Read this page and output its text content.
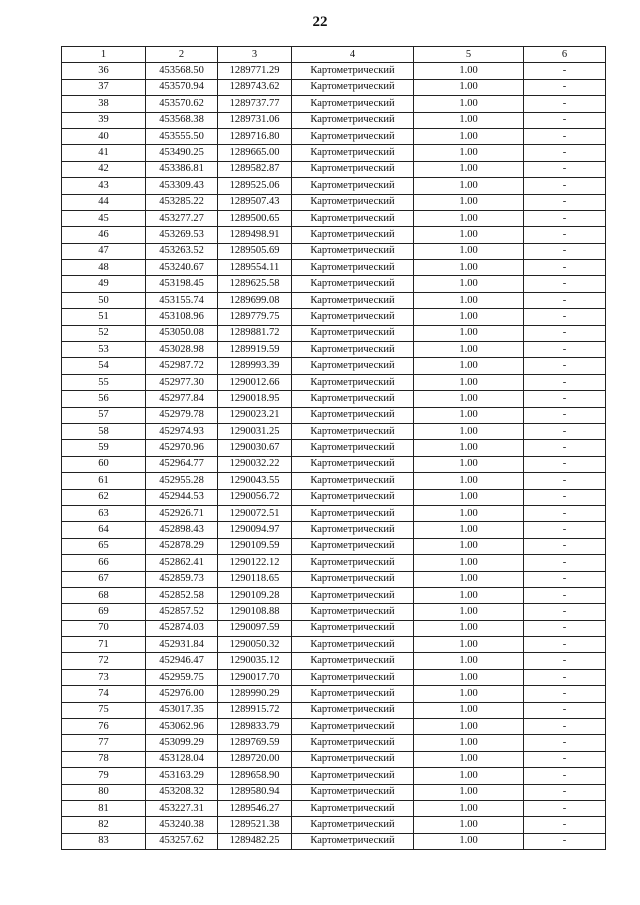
22
1	2	3	4	5	6
36	453568.50	1289771.29	Картометрический	1.00	-
37	453570.94	1289743.62	Картометрический	1.00	-
38	453570.62	1289737.77	Картометрический	1.00	-
39	453568.38	1289731.06	Картометрический	1.00	-
40	453555.50	1289716.80	Картометрический	1.00	-
41	453490.25	1289665.00	Картометрический	1.00	-
42	453386.81	1289582.87	Картометрический	1.00	-
43	453309.43	1289525.06	Картометрический	1.00	-
44	453285.22	1289507.43	Картометрический	1.00	-
45	453277.27	1289500.65	Картометрический	1.00	-
46	453269.53	1289498.91	Картометрический	1.00	-
47	453263.52	1289505.69	Картометрический	1.00	-
48	453240.67	1289554.11	Картометрический	1.00	-
49	453198.45	1289625.58	Картометрический	1.00	-
50	453155.74	1289699.08	Картометрический	1.00	-
51	453108.96	1289779.75	Картометрический	1.00	-
52	453050.08	1289881.72	Картометрический	1.00	-
53	453028.98	1289919.59	Картометрический	1.00	-
54	452987.72	1289993.39	Картометрический	1.00	-
55	452977.30	1290012.66	Картометрический	1.00	-
56	452977.84	1290018.95	Картометрический	1.00	-
57	452979.78	1290023.21	Картометрический	1.00	-
58	452974.93	1290031.25	Картометрический	1.00	-
59	452970.96	1290030.67	Картометрический	1.00	-
60	452964.77	1290032.22	Картометрический	1.00	-
61	452955.28	1290043.55	Картометрический	1.00	-
62	452944.53	1290056.72	Картометрический	1.00	-
63	452926.71	1290072.51	Картометрический	1.00	-
64	452898.43	1290094.97	Картометрический	1.00	-
65	452878.29	1290109.59	Картометрический	1.00	-
66	452862.41	1290122.12	Картометрический	1.00	-
67	452859.73	1290118.65	Картометрический	1.00	-
68	452852.58	1290109.28	Картометрический	1.00	-
69	452857.52	1290108.88	Картометрический	1.00	-
70	452874.03	1290097.59	Картометрический	1.00	-
71	452931.84	1290050.32	Картометрический	1.00	-
72	452946.47	1290035.12	Картометрический	1.00	-
73	452959.75	1290017.70	Картометрический	1.00	-
74	452976.00	1289990.29	Картометрический	1.00	-
75	453017.35	1289915.72	Картометрический	1.00	-
76	453062.96	1289833.79	Картометрический	1.00	-
77	453099.29	1289769.59	Картометрический	1.00	-
78	453128.04	1289720.00	Картометрический	1.00	-
79	453163.29	1289658.90	Картометрический	1.00	-
80	453208.32	1289580.94	Картометрический	1.00	-
81	453227.31	1289546.27	Картометрический	1.00	-
82	453240.38	1289521.38	Картометрический	1.00	-
83	453257.62	1289482.25	Картометрический	1.00	-
